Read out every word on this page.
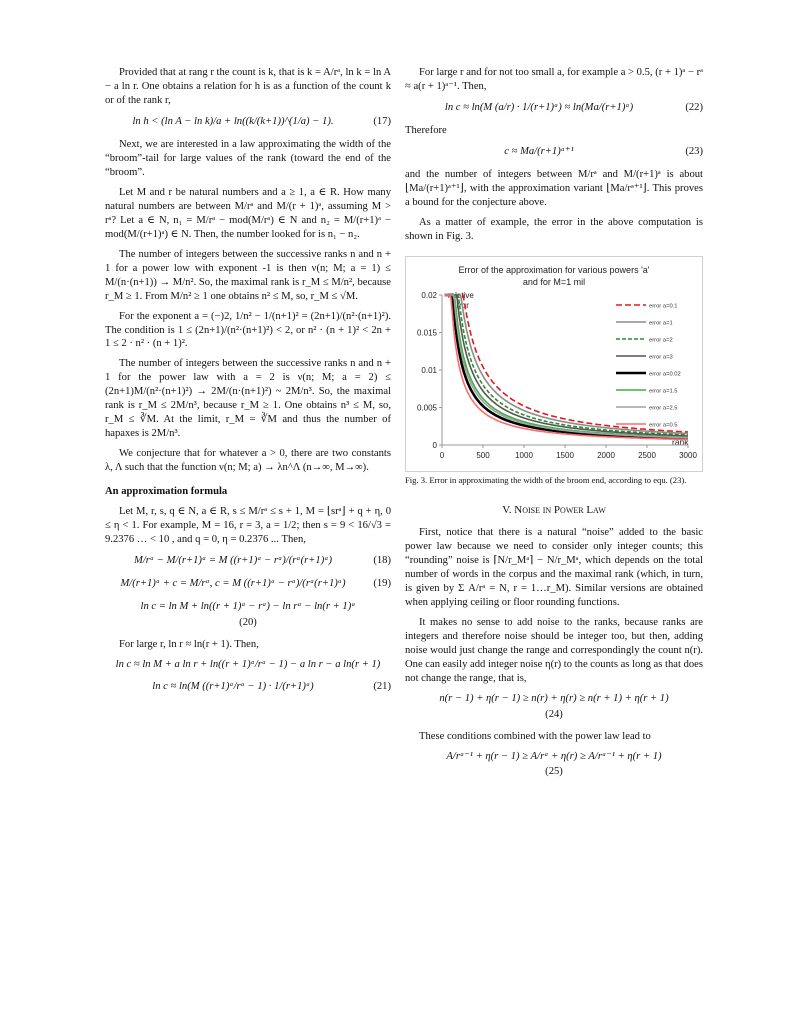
Provided that at rang r the count is k, that is k = A/rᵃ, ln k = ln A − a ln r. One obtains a relation for h is as a function of the count k or of the rank r,

ln h < (ln A − ln k)/a + ln((k/(k+1))^(1/a) − 1).	(17)

Next, we are interested in a law approximating the width of the “broom”-tail for large values of the rank (toward the end of the “broom”.

Let M and r be natural numbers and a ≥ 1, a ∈ R. How many natural numbers are between M/rᵃ and M/(r + 1)ᵃ, assuming M > rᵃ? Let a ∈ N, n₁ = M/rᵃ − mod(M/rᵃ) ∈ N and n₂ = M/(r+1)ᵃ − mod(M/(r+1)ᵃ) ∈ N. Then, the number looked for is n₁ − n₂.

The number of integers between the successive ranks n and n + 1 for a power low with exponent -1 is then ν(n; M; a = 1) ≤ M/(n·(n+1)) → M/n². So, the maximal rank is r_M ≤ M/n², because r_M ≥ 1. From M/n² ≥ 1 one obtains n² ≤ M, so, r_M ≤ √M.

For the exponent a = (−)2, 1/n² − 1/(n+1)² = (2n+1)/(n²·(n+1)²). The condition is 1 ≤ (2n+1)/(n²·(n+1)²) < 2, or n² · (n + 1)² < 2n + 1 ≤ 2 · n² · (n + 1)².

The number of integers between the successive ranks n and n + 1 for the power law with a = 2 is ν(n; M; a = 2) ≤ (2n+1)M/(n²·(n+1)²) → 2M/(n·(n+1)²) ~ 2M/n³. So, the maximal rank is r_M ≤ 2M/n³, because r_M ≥ 1. One obtains n³ ≤ M, so, r_M ≤ ∛M. At the limit, r_M = ∛M and thus the number of hapaxes is 2M/n³.

We conjecture that for whatever a > 0, there are two constants λ, Λ such that the function ν(n; M; a) → λn^Λ (n→∞, M→∞).

An approximation formula

Let M, r, s, q ∈ N, a ∈ R, s ≤ M/rᵃ ≤ s + 1, M = ⌊srᵃ⌋ + q + η, 0 ≤ η < 1. For example, M = 16, r = 3, a = 1/2; then s = 9 < 16/√3 = 9.2376 … < 10 , and q = 0, η = 0.2376 ... Then,

M/rᵃ − M/(r+1)ᵃ = M ((r+1)ᵃ − rᵃ)/(rᵃ(r+1)ᵃ)	(18)
M/(r+1)ᵃ + c = M/rᵃ, c = M ((r+1)ᵃ − rᵃ)/(rᵃ(r+1)ᵃ)	(19)
ln c = ln M + ln((r + 1)ᵃ − rᵃ) − ln rᵃ − ln(r + 1)ᵃ
(20)

For large r, ln r ≈ ln(r + 1). Then,

ln c ≈ ln M + a ln r + ln((r + 1)ᵃ/rᵃ − 1) − a ln r − a ln(r + 1)
ln c ≈ ln(M ((r+1)ᵃ/rᵃ − 1) · 1/(r+1)ᵃ)	(21)

For large r and for not too small a, for example a > 0.5, (r + 1)ᵃ − rᵃ ≈ a(r + 1)ᵃ⁻¹. Then,

ln c ≈ ln(M (a/r) · 1/(r+1)ᵃ) ≈ ln(Ma/(r+1)ᵃ)	(22)

Therefore

c ≈ Ma/(r+1)ᵃ⁺¹	(23)

and the number of integers between M/rᵃ and M/(r+1)ᵃ is about ⌊Ma/(r+1)ᵃ⁺¹⌋, with the approximation variant ⌊Ma/rᵃ⁺¹⌋. This proves a bound for the conjecture above.

As a matter of example, the error in the above computation is shown in Fig. 3.

Error of the approximation for various powers 'a'
and for M=1 mil
relative error
rank
0	500	1000	1500	2000	2500	3000
0
0.005
0.01
0.015
0.02
error a=0.1
error a=1
error a=2
error a=3
error a=0.02
error a=1.5
error a=2.5
error a=0.5
Fig. 3. Error in approximating the width of the broom end, according to equ. (23).
V. Noise in Power Law

First, notice that there is a natural “noise” added to the basic power law because we need to consider only integer counts; this “rounding” noise is ⌈N/r_Mᵃ⌉ − N/r_Mᵃ, which depends on the total number of words in the corpus and the maximal rank (which, in turn, is given by Σ A/rᵃ = N, r = 1…r_M). Similar versions are obtained when applying ceiling or floor rounding functions.

It makes no sense to add noise to the ranks, because ranks are integers and therefore noise should be integer too, but then, adding noise would just change the range and correspondingly the count n(r). One can easily add integer noise η(r) to the counts as long as that does not change the range, that is,

n(r − 1) + η(r − 1) ≥ n(r) + η(r) ≥ n(r + 1) + η(r + 1)
(24)

These conditions combined with the power law lead to

A/rᵃ⁻¹ + η(r − 1) ≥ A/rᵃ + η(r) ≥ A/rᵃ⁻¹ + η(r + 1)
(25)
